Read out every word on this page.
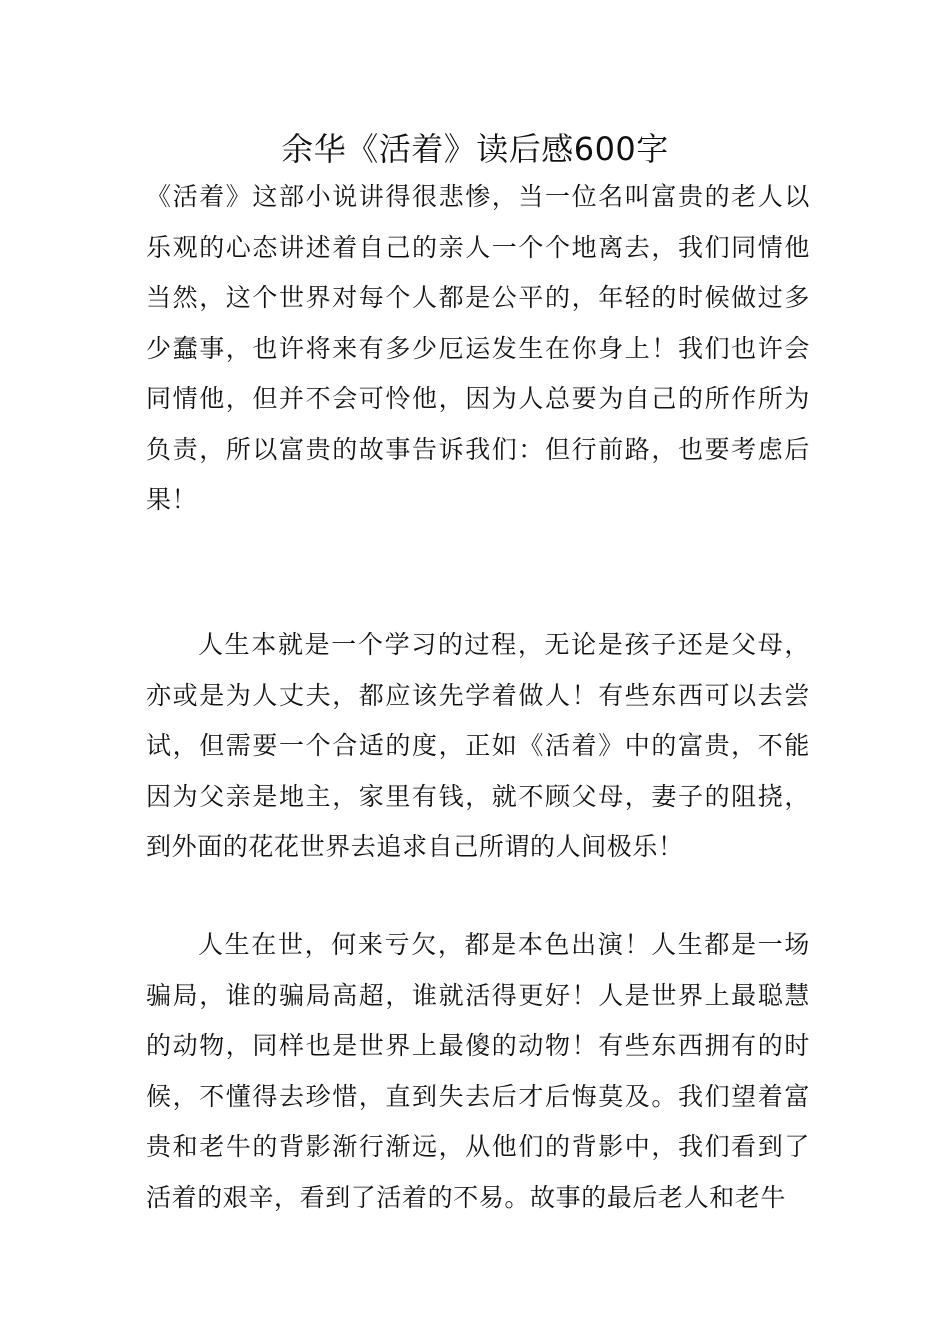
余华《活着》读后感600字

《活着》这部小说讲得很悲惨，当一位名叫富贵的老人以乐观的心态讲述着自己的亲人一个个地离去，我们同情他当然，这个世界对每个人都是公平的，年轻的时候做过多少蠢事，也许将来有多少厄运发生在你身上！我们也许会同情他，但并不会可怜他，因为人总要为自己的所作所为负责，所以富贵的故事告诉我们：但行前路，也要考虑后果！

人生本就是一个学习的过程，无论是孩子还是父母，亦或是为人丈夫，都应该先学着做人！有些东西可以去尝试，但需要一个合适的度，正如《活着》中的富贵，不能因为父亲是地主，家里有钱，就不顾父母，妻子的阻挠，到外面的花花世界去追求自己所谓的人间极乐！

人生在世，何来亏欠，都是本色出演！人生都是一场骗局，谁的骗局高超，谁就活得更好！人是世界上最聪慧的动物，同样也是世界上最傻的动物！有些东西拥有的时候，不懂得去珍惜，直到失去后才后悔莫及。我们望着富贵和老牛的背影渐行渐远，从他们的背影中，我们看到了活着的艰辛，看到了活着的不易。故事的最后老人和老牛
